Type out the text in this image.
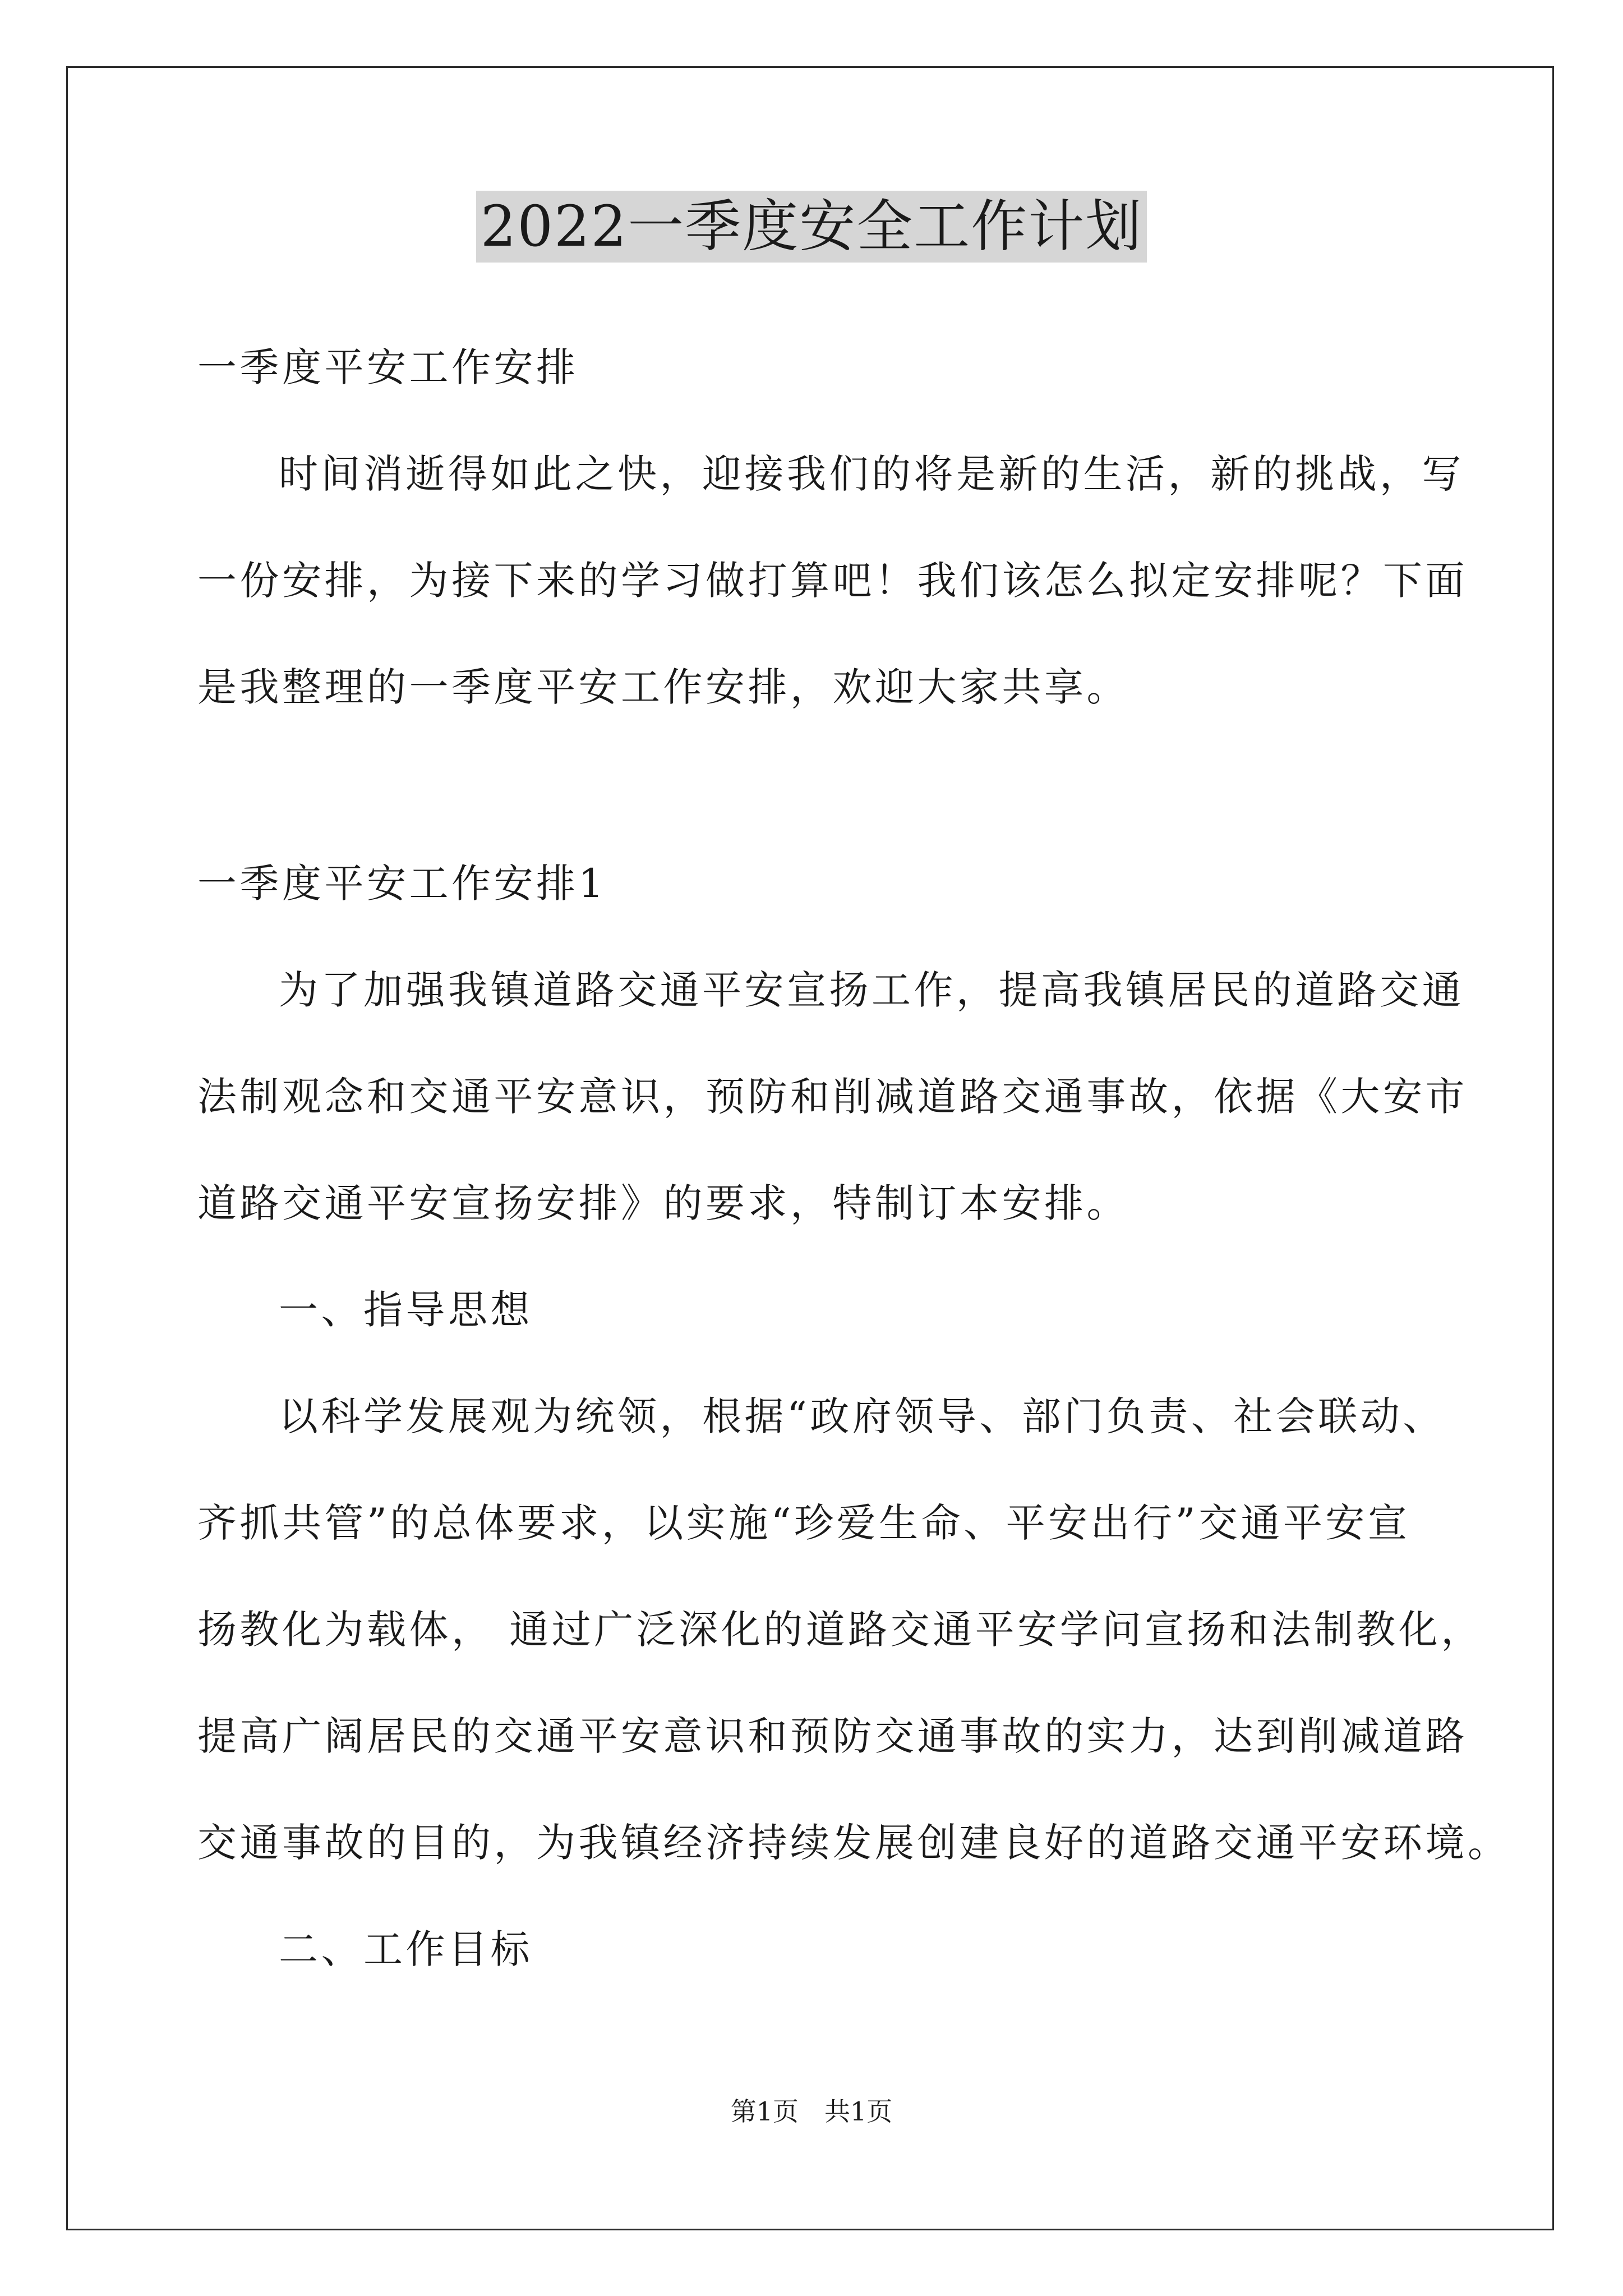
2022一季度安全工作计划
一季度平安工作安排
时间消逝得如此之快，迎接我们的将是新的生活，新的挑战，写
一份安排，为接下来的学习做打算吧！我们该怎么拟定安排呢？下面
是我整理的一季度平安工作安排，欢迎大家共享。
一季度平安工作安排1
为了加强我镇道路交通平安宣扬工作，提高我镇居民的道路交通
法制观念和交通平安意识，预防和削减道路交通事故，依据《大安市
道路交通平安宣扬安排》的要求，特制订本安排。
一、指导思想
以科学发展观为统领，根据“政府领导、部门负责、社会联动、
齐抓共管”的总体要求，以实施“珍爱生命、平安出行”交通平安宣
扬教化为载体， 通过广泛深化的道路交通平安学问宣扬和法制教化，
提高广阔居民的交通平安意识和预防交通事故的实力，达到削减道路
交通事故的目的，为我镇经济持续发展创建良好的道路交通平安环境。
二、工作目标
第1页　共1页
